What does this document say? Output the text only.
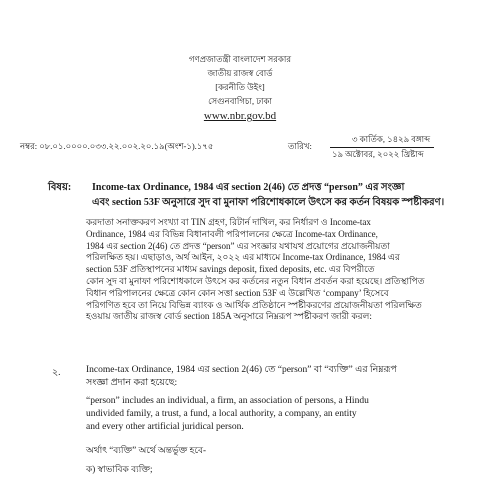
গণপ্রজাতন্ত্রী বাংলাদেশ সরকার
জাতীয় রাজস্ব বোর্ড
[করনীতি উইং]
সেগুনবাগিচা, ঢাকা
www.nbr.gov.bd
নম্বর: ০৮.০১.০০০০.০৩৩.২২.০০২.২০.১৯(অংশ-১).১৭৫	তারিখ:
৩ কার্তিক, ১৪২৯ বঙ্গাব্দ
১৯ অক্টোবর, ২০২২ খ্রিষ্টাব্দ
বিষয়: Income-tax Ordinance, 1984 এর section 2(46) তে প্রদত্ত “person” এর সংজ্ঞা
এবং section 53F অনুসারে সুদ বা মুনাফা পরিশোধকালে উৎসে কর কর্তন বিষয়ক স্পষ্টীকরণ।
করদাতা সনাক্তকরণ সংখ্যা বা TIN গ্রহণ, রিটার্ন দাখিল, কর নির্ধারণ ও Income-tax
Ordinance, 1984 এর বিভিন্ন বিধানাবলী পরিপালনের ক্ষেত্রে Income-tax Ordinance,
1984 এর section 2(46) তে প্রদত্ত “person” এর সংজ্ঞার যথাযথ প্রয়োগের প্রয়োজনীয়তা
পরিলক্ষিত হয়। এছাড়াও, অর্থ আইন, ২০২২ এর মাধ্যমে Income-tax Ordinance, 1984 এর
section 53F প্রতিস্থাপনের মাধ্যম savings deposit, fixed deposits, etc. এর বিপরীতে
কোন সুদ বা মুনাফা পরিশোধকালে উৎসে কর কর্তনের নতুন বিধান প্রবর্তন করা হয়েছে। প্রতিস্থাপিত
বিধান পরিপালনের ক্ষেত্রে কোন কোন সত্তা section 53F এ উল্লেখিত ‘company’ হিসেবে
পরিগণিত হবে তা নিয়ে বিভিন্ন ব্যাংক ও আর্থিক প্রতিষ্ঠানে স্পষ্টীকরণের প্রয়োজনীয়তা পরিলক্ষিত
হওয়ায় জাতীয় রাজস্ব বোর্ড section 185A অনুসারে নিম্নরূপ স্পষ্টীকরণ জারী করল:
২.	Income-tax Ordinance, 1984 এর section 2(46) তে “person” বা “ব্যক্তি” এর নিম্নরূপ
সংজ্ঞা প্রদান করা হয়েছে:
“person” includes an individual, a firm, an association of persons, a Hindu
undivided family, a trust, a fund, a local authority, a company, an entity
and every other artificial juridical person.
অর্থাৎ “ব্যক্তি” অর্থে অন্তর্ভুক্ত হবে-
ক) স্বাভাবিক ব্যক্তি;
